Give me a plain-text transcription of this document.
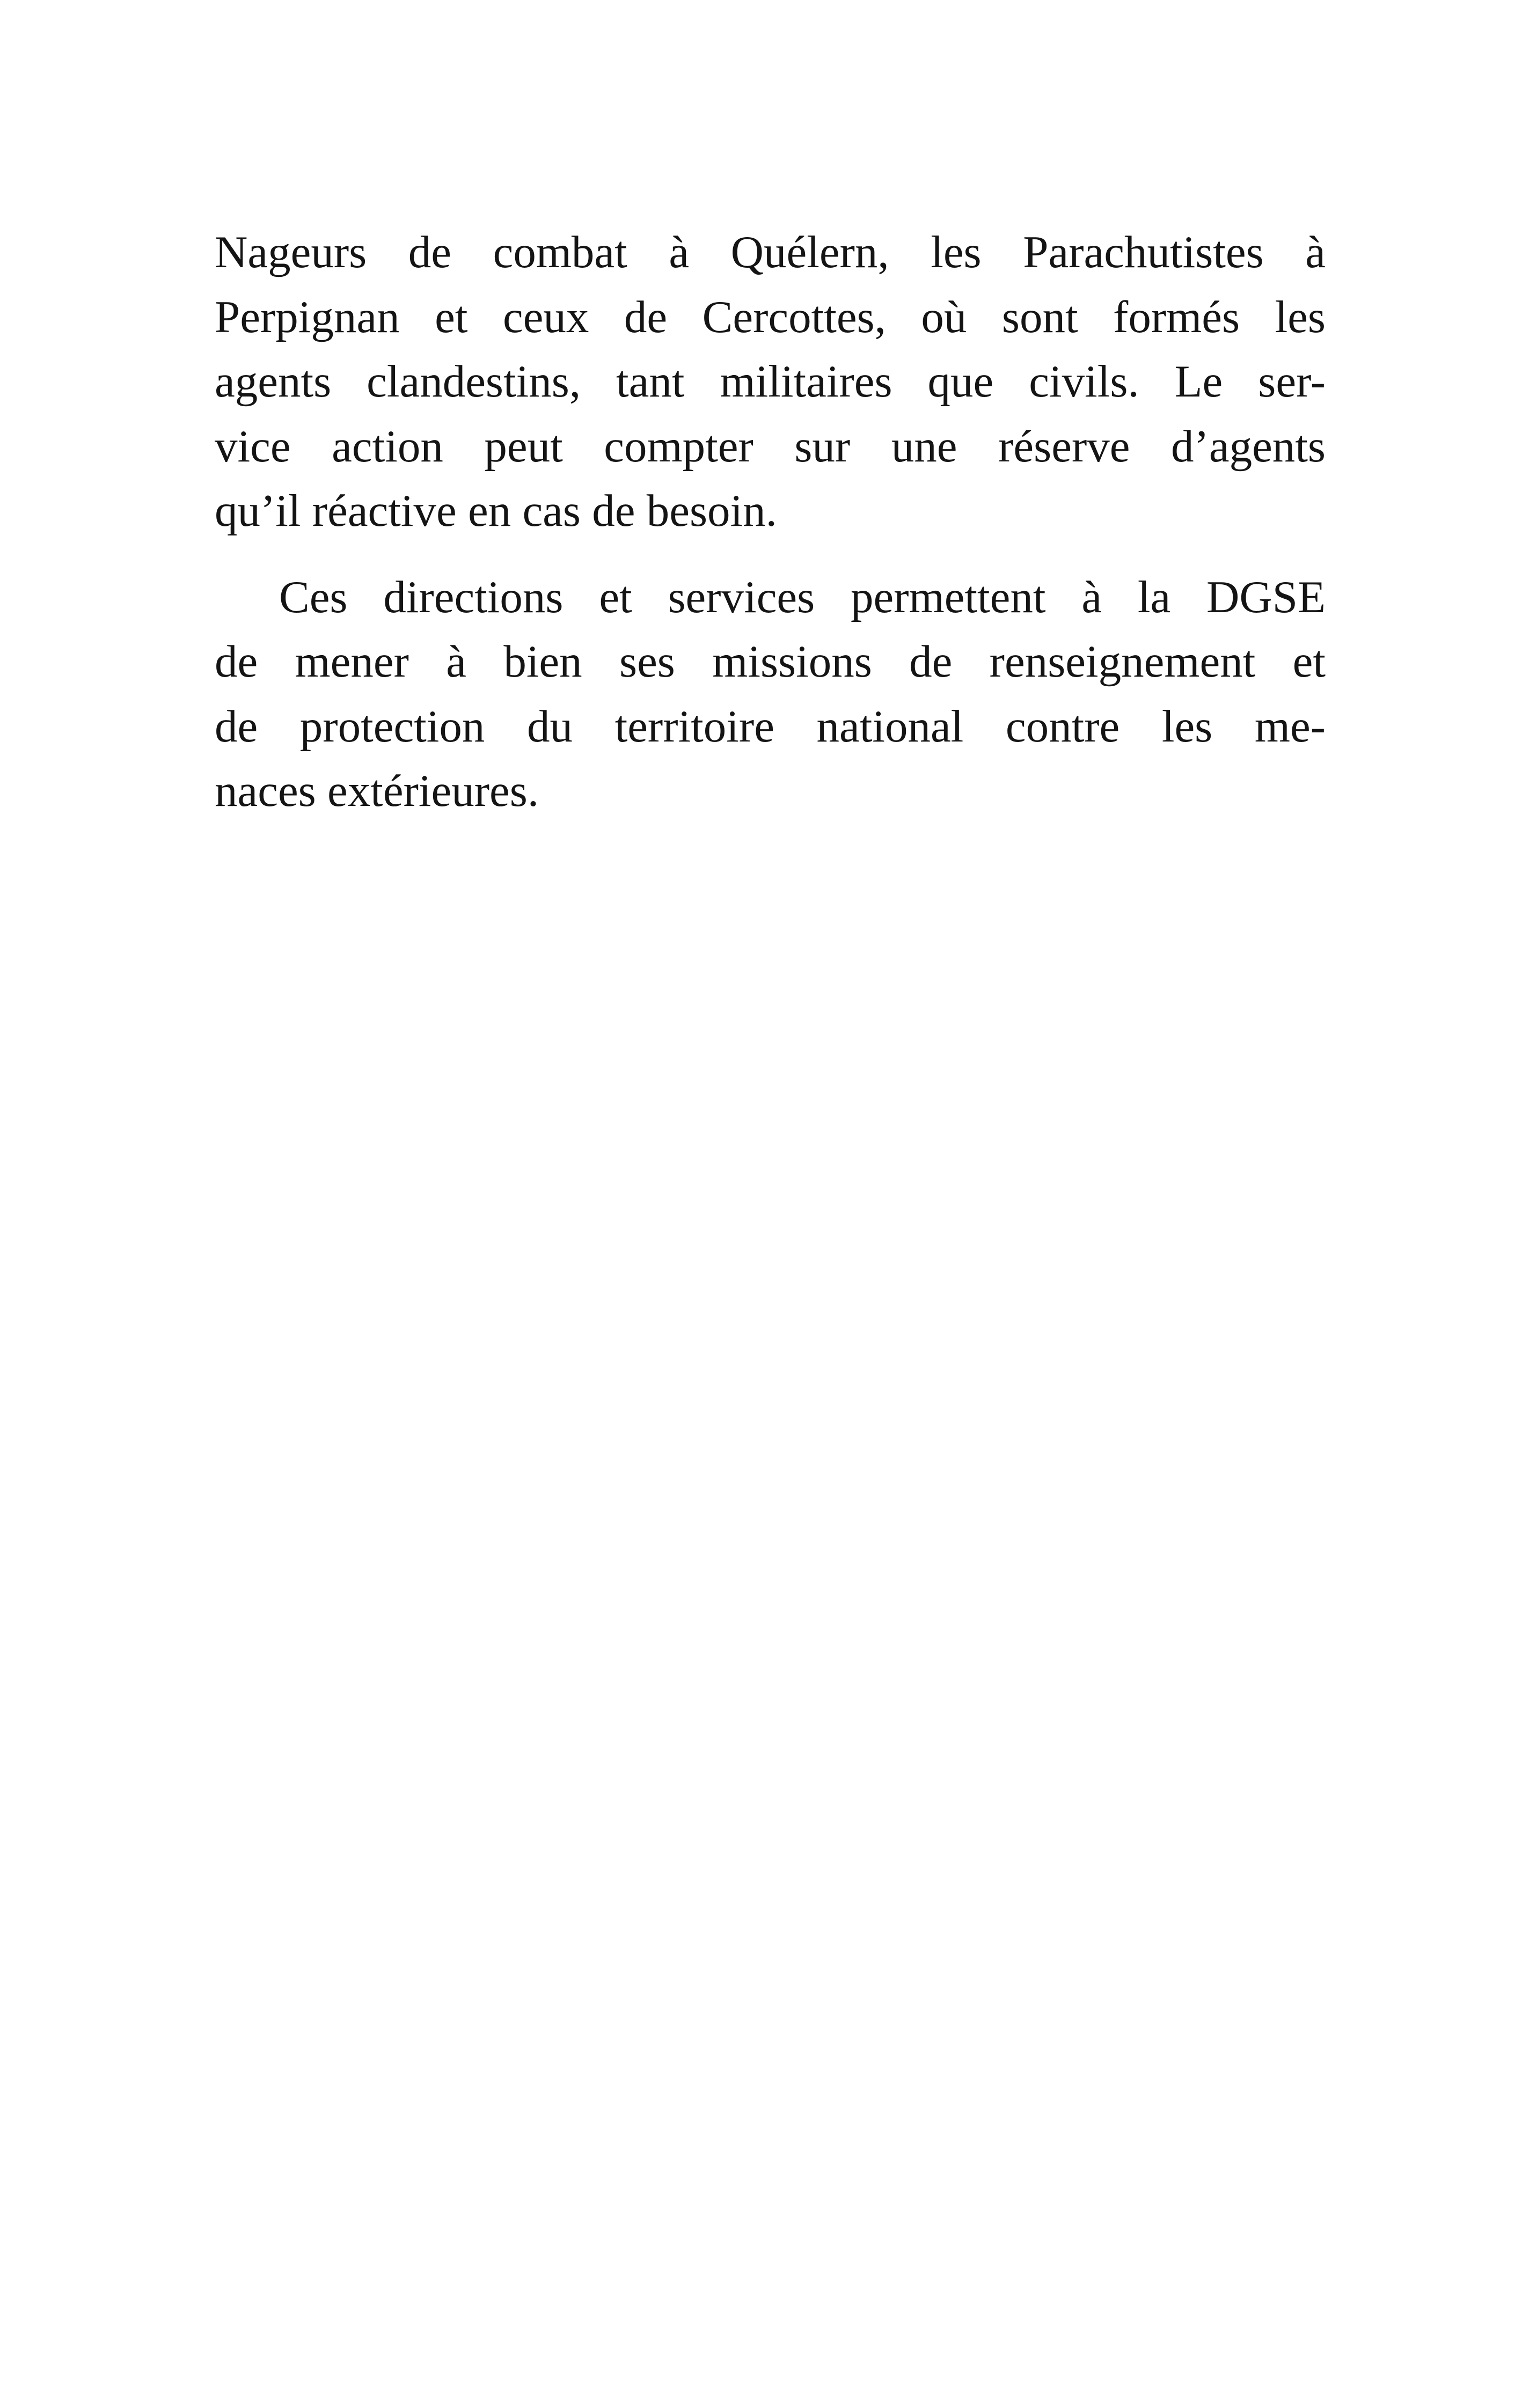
Nageurs de combat à Quélern, les Parachutistes à
Perpignan et ceux de Cercottes, où sont formés les
agents clandestins, tant militaires que civils. Le ser-
vice action peut compter sur une réserve d’agents
qu’il réactive en cas de besoin.

Ces directions et services permettent à la DGSE
de mener à bien ses missions de renseignement et
de protection du territoire national contre les me-
naces extérieures.
